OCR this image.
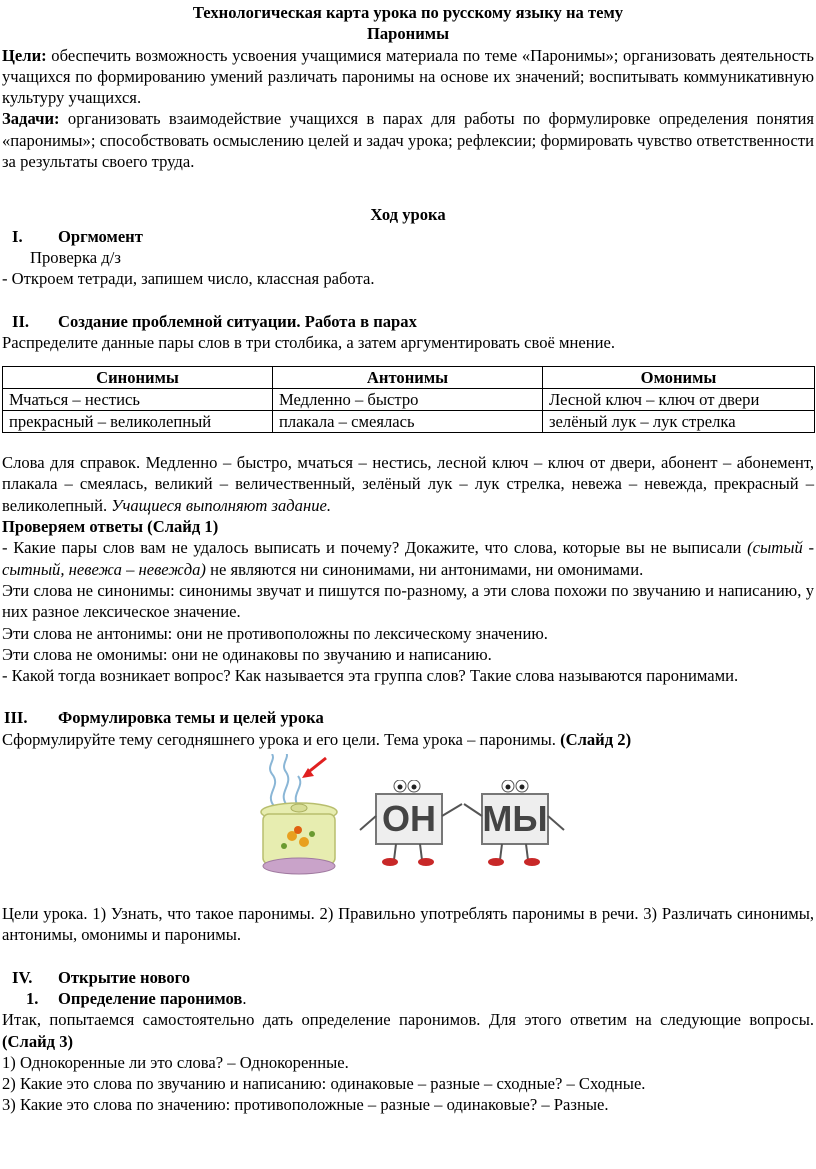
Технологическая карта урока по русскому языку на тему

Паронимы

Цели: обеспечить возможность усвоения учащимися материала по теме «Паронимы»; организовать деятельность учащихся по формированию умений различать паронимы на основе их значений; воспитывать коммуникативную культуру учащихся.

Задачи: организовать взаимодействие учащихся в парах для работы по формулировке определения понятия «паронимы»; способствовать осмыслению целей и задач урока; рефлексии; формировать чувство ответственности за результаты своего труда.

Ход урока

I.	Оргмомент

Проверка д/з

- Откроем тетради, запишем число, классная работа.

II.	Создание проблемной ситуации. Работа в парах

Распределите данные пары слов в три столбика, а затем аргументировать своё мнение.

Синонимы	Антонимы	Омонимы
Мчаться – нестись	Медленно – быстро	Лесной ключ – ключ от двери
прекрасный – великолепный	плакала – смеялась	зелёный лук – лук стрелка

Слова для справок. Медленно – быстро, мчаться – нестись, лесной ключ – ключ от двери, абонент – абонемент, плакала – смеялась, великий – величественный, зелёный лук – лук стрелка, невежа – невежда, прекрасный – великолепный. Учащиеся выполняют задание.

Проверяем ответы (Слайд 1)

- Какие пары слов вам не удалось выписать и почему? Докажите, что слова, которые вы не выписали (сытый - сытный, невежа – невежда) не являются ни синонимами, ни антонимами, ни омонимами.

Эти слова не синонимы: синонимы звучат и пишутся по-разному, а эти слова похожи по звучанию и написанию, у них разное лексическое значение.

Эти слова не антонимы: они не противоположны по лексическому значению.

Эти слова не омонимы: они не одинаковы по звучанию и написанию.

- Какой тогда возникает вопрос? Как называется эта группа слов? Такие слова называются паронимами.

III.	Формулировка темы и целей урока

Сформулируйте тему сегодняшнего урока и его цели. Тема урока – паронимы. (Слайд 2)

ОН МЫ

Цели урока. 1) Узнать, что такое паронимы. 2) Правильно употреблять паронимы в речи. 3) Различать синонимы, антонимы, омонимы и паронимы.

IV.	Открытие нового
1.	Определение паронимов .

Итак, попытаемся самостоятельно дать определение паронимов. Для этого ответим на следующие вопросы. (Слайд 3)

1) Однокоренные ли это слова? – Однокоренные.

2) Какие это слова по звучанию и написанию: одинаковые – разные – сходные? – Сходные.

3) Какие это слова по значению: противоположные – разные – одинаковые? – Разные.
